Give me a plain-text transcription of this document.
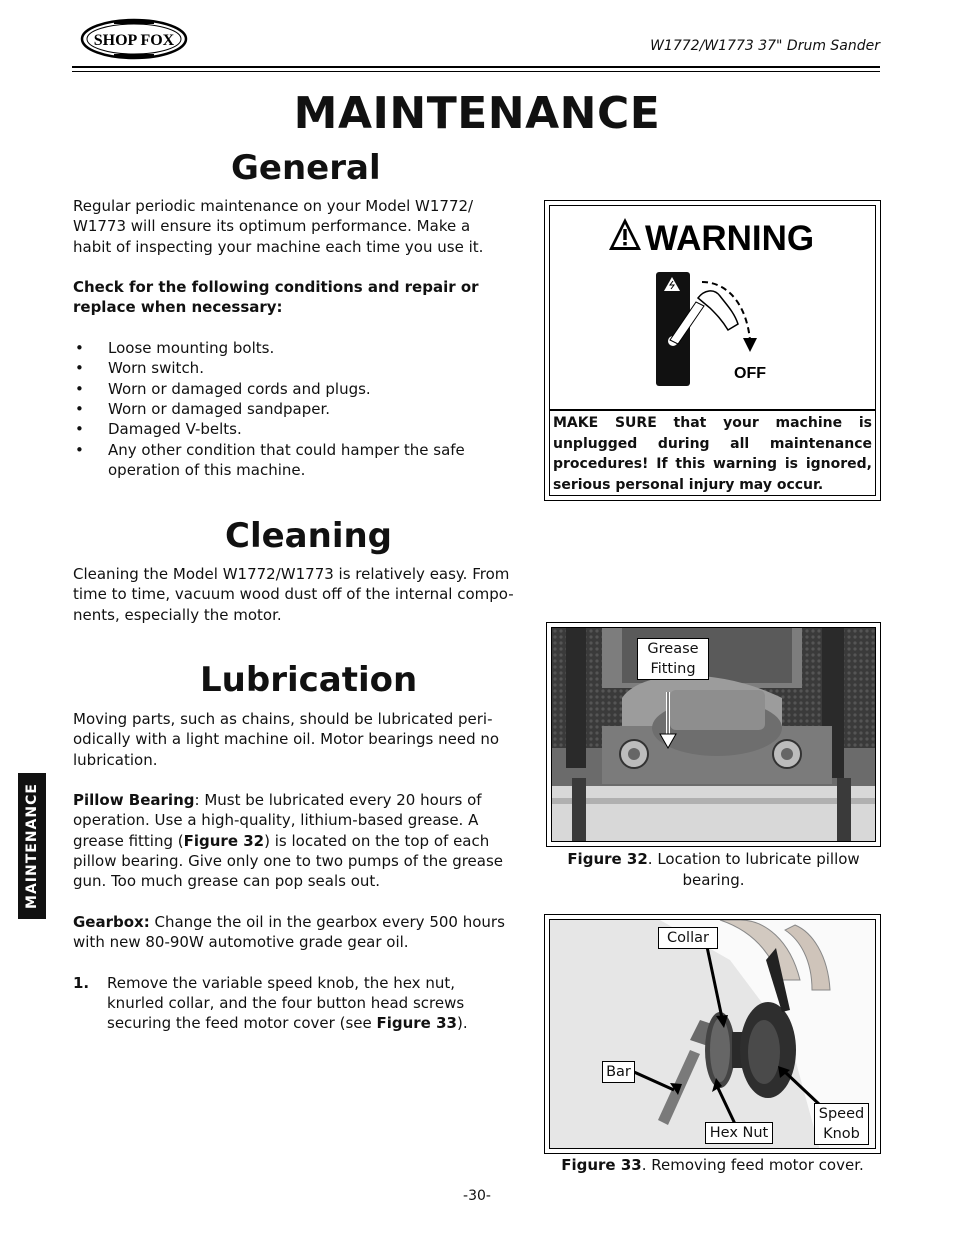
SHOP FOX	W1772/W1773 37" Drum Sander
MAINTENANCE
General

Regular periodic maintenance on your Model W1772/

W1773 will ensure its optimum performance. Make a

habit of inspecting your machine each time you use it.

Check for the following conditions and repair or

replace when necessary:

• Loose mounting bolts.
• Worn switch.
• Worn or damaged cords and plugs.
• Worn or damaged sandpaper.
• Damaged V-belts.
• Any other condition that could hamper the safe
operation of this machine.
WARNING
OFF
MAKE SURE that your machine is
unplugged during all maintenance
procedures! If this warning is ignored,
serious personal injury may occur.
Cleaning

Cleaning the Model W1772/W1773 is relatively easy. From

time to time, vacuum wood dust off of the internal compo-

nents, especially the motor.

Lubrication

Moving parts, such as chains, should be lubricated peri-

odically with a light machine oil. Motor bearings need no

lubrication.

Pillow Bearing: Must be lubricated every 20 hours of

operation. Use a high-quality, lithium-based grease. A

grease fitting (Figure 32) is located on the top of each

pillow bearing. Give only one to two pumps of the grease

gun. Too much grease can pop seals out.

Gearbox: Change the oil in the gearbox every 500 hours

with new 80-90W automotive grade gear oil.

1. Remove the variable speed knob, the hex nut,

knurled collar, and the four button head screws

securing the feed motor cover (see Figure 33).

Grease
Fitting
Figure 32. Location to lubricate pillow
bearing.
Collar
Bar
Hex Nut
Speed
Knob
Figure 33. Removing feed motor cover.
MAINTENANCE
-30-
